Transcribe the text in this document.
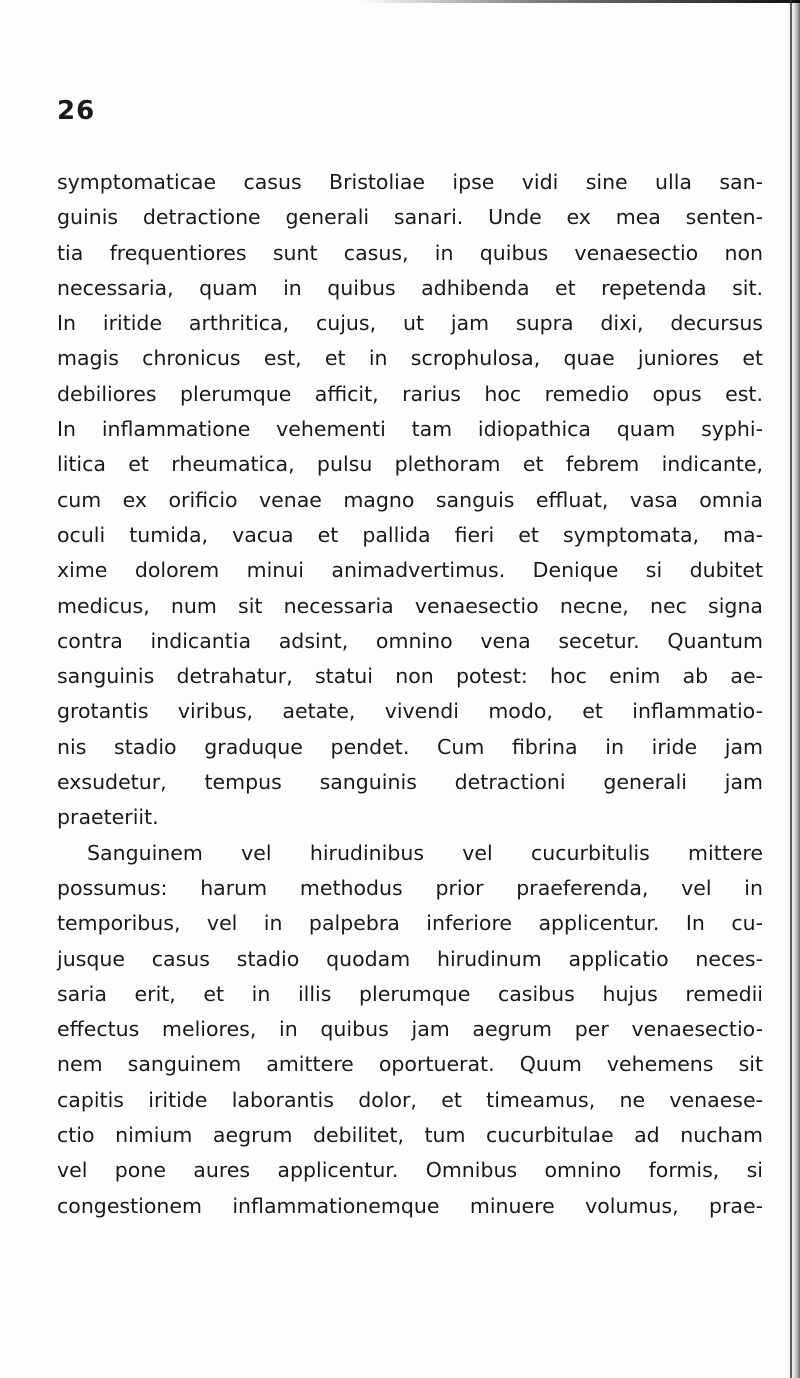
26
symptomaticae casus Bristoliae ipse vidi sine ulla san-
guinis detractione generali sanari. Unde ex mea senten-
tia frequentiores sunt casus, in quibus venaesectio non
necessaria, quam in quibus adhibenda et repetenda sit.
In iritide arthritica, cujus, ut jam supra dixi, decursus
magis chronicus est, et in scrophulosa, quae juniores et
debiliores plerumque afficit, rarius hoc remedio opus est.
In inflammatione vehementi tam idiopathica quam syphi-
litica et rheumatica, pulsu plethoram et febrem indicante,
cum ex orificio venae magno sanguis effluat, vasa omnia
oculi tumida, vacua et pallida fieri et symptomata, ma-
xime dolorem minui animadvertimus. Denique si dubitet
medicus, num sit necessaria venaesectio necne, nec signa
contra indicantia adsint, omnino vena secetur. Quantum
sanguinis detrahatur, statui non potest: hoc enim ab ae-
grotantis viribus, aetate, vivendi modo, et inflammatio-
nis stadio graduque pendet. Cum fibrina in iride jam
exsudetur, tempus sanguinis detractioni generali jam
praeteriit.
Sanguinem vel hirudinibus vel cucurbitulis mittere
possumus: harum methodus prior praeferenda, vel in
temporibus, vel in palpebra inferiore applicentur. In cu-
jusque casus stadio quodam hirudinum applicatio neces-
saria erit, et in illis plerumque casibus hujus remedii
effectus meliores, in quibus jam aegrum per venaesectio-
nem sanguinem amittere oportuerat. Quum vehemens sit
capitis iritide laborantis dolor, et timeamus, ne venaese-
ctio nimium aegrum debilitet, tum cucurbitulae ad nucham
vel pone aures applicentur. Omnibus omnino formis, si
congestionem inflammationemque minuere volumus, prae-
